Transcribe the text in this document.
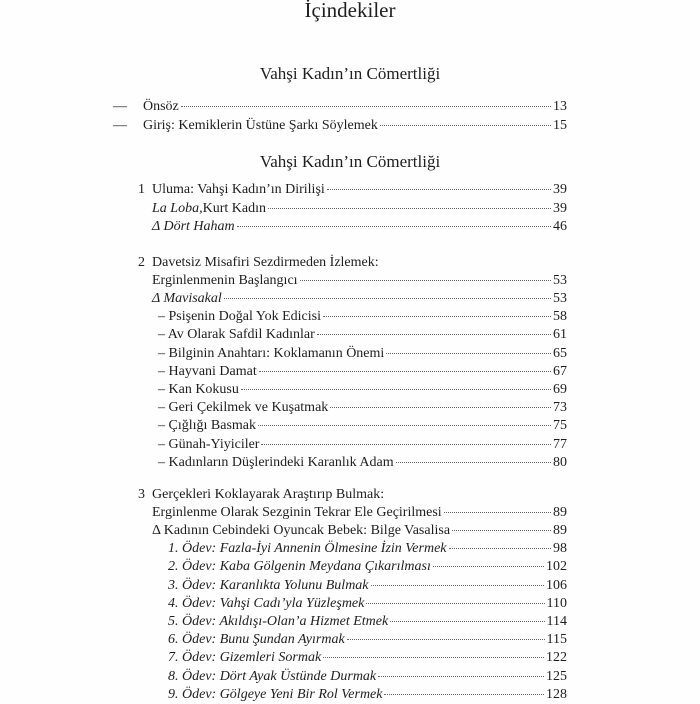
İçindekiler
Vahşi Kadın’ın Cömertliği
— Önsöz	13
— Giriş: Kemiklerin Üstüne Şarkı Söylemek	15
Vahşi Kadın’ın Cömertliği
1 Uluma: Vahşi Kadın’ın Dirilişi	39
La Loba, Kurt Kadın	39
Δ Dört Haham	46
2 Davetsiz Misafiri Sezdirmeden İzlemek:
Erginlenmenin Başlangıcı	53
Δ Mavisakal	53
– Psişenin Doğal Yok Edicisi	58
– Av Olarak Safdil Kadınlar	61
– Bilginin Anahtarı: Koklamanın Önemi	65
– Hayvani Damat	67
– Kan Kokusu	69
– Geri Çekilmek ve Kuşatmak	73
– Çığlığı Basmak	75
– Günah-Yiyiciler	77
– Kadınların Düşlerindeki Karanlık Adam	80
3 Gerçekleri Koklayarak Araştırıp Bulmak:
Erginlenme Olarak Sezginin Tekrar Ele Geçirilmesi	89
Δ Kadının Cebindeki Oyuncak Bebek: Bilge Vasalisa	89
1. Ödev: Fazla-İyi Annenin Ölmesine İzin Vermek	98
2. Ödev: Kaba Gölgenin Meydana Çıkarılması	102
3. Ödev: Karanlıkta Yolunu Bulmak	106
4. Ödev: Vahşi Cadı’yla Yüzleşmek	110
5. Ödev: Akıldışı-Olan’a Hizmet Etmek	114
6. Ödev: Bunu Şundan Ayırmak	115
7. Ödev: Gizemleri Sormak	122
8. Ödev: Dört Ayak Üstünde Durmak	125
9. Ödev: Gölgeye Yeni Bir Rol Vermek	128
